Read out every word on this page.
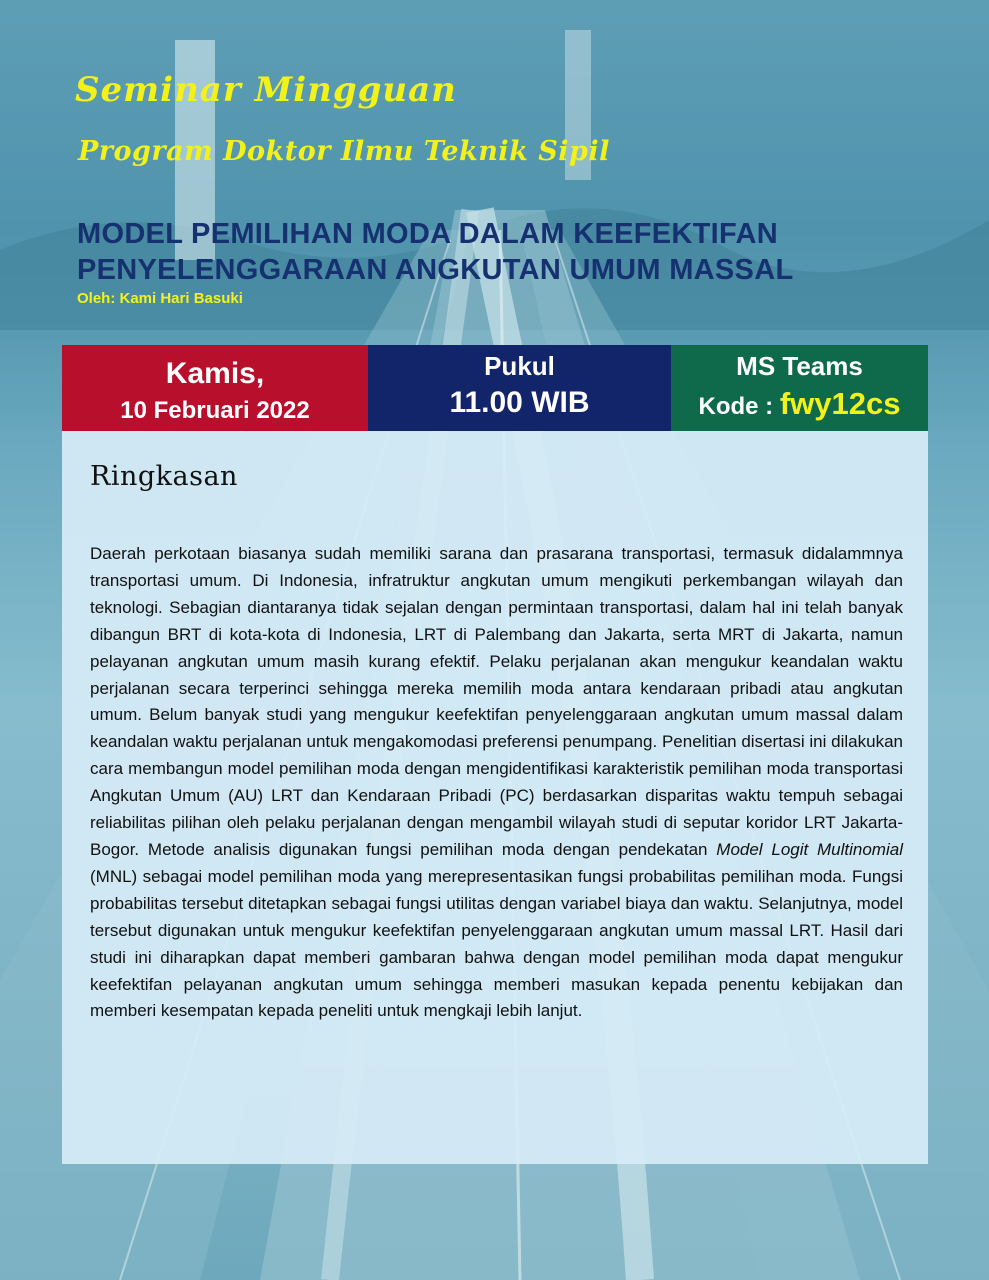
Seminar Mingguan
Program Doktor Ilmu Teknik Sipil
MODEL PEMILIHAN MODA DALAM KEEFEKTIFAN
PENYELENGGARAAN ANGKUTAN UMUM MASSAL

Oleh: Kami Hari Basuki

Kamis,
10 Februari 2022
Pukul
11.00 WIB
MS Teams
Kode : fwy12cs
Ringkasan

Daerah perkotaan biasanya sudah memiliki sarana dan prasarana transportasi, termasuk didalammnya transportasi umum. Di Indonesia, infratruktur angkutan umum mengikuti perkembangan wilayah dan teknologi. Sebagian diantaranya tidak sejalan dengan permintaan transportasi, dalam hal ini telah banyak dibangun BRT di kota-kota di Indonesia, LRT di Palembang dan Jakarta, serta MRT di Jakarta, namun pelayanan angkutan umum masih kurang efektif. Pelaku perjalanan akan mengukur keandalan waktu perjalanan secara terperinci sehingga mereka memilih moda antara kendaraan pribadi atau angkutan umum. Belum banyak studi yang mengukur keefektifan penyelenggaraan angkutan umum massal dalam keandalan waktu perjalanan untuk mengakomodasi preferensi penumpang. Penelitian disertasi ini dilakukan cara membangun model pemilihan moda dengan mengidentifikasi karakteristik pemilihan moda transportasi Angkutan Umum (AU) LRT dan Kendaraan Pribadi (PC) berdasarkan disparitas waktu tempuh sebagai reliabilitas pilihan oleh pelaku perjalanan dengan mengambil wilayah studi di seputar koridor LRT Jakarta-Bogor. Metode analisis digunakan fungsi pemilihan moda dengan pendekatan Model Logit Multinomial (MNL) sebagai model pemilihan moda yang merepresentasikan fungsi probabilitas pemilihan moda. Fungsi probabilitas tersebut ditetapkan sebagai fungsi utilitas dengan variabel biaya dan waktu. Selanjutnya, model tersebut digunakan untuk mengukur keefektifan penyelenggaraan angkutan umum massal LRT. Hasil dari studi ini diharapkan dapat memberi gambaran bahwa dengan model pemilihan moda dapat mengukur keefektifan pelayanan angkutan umum sehingga memberi masukan kepada penentu kebijakan dan memberi kesempatan kepada peneliti untuk mengkaji lebih lanjut.
